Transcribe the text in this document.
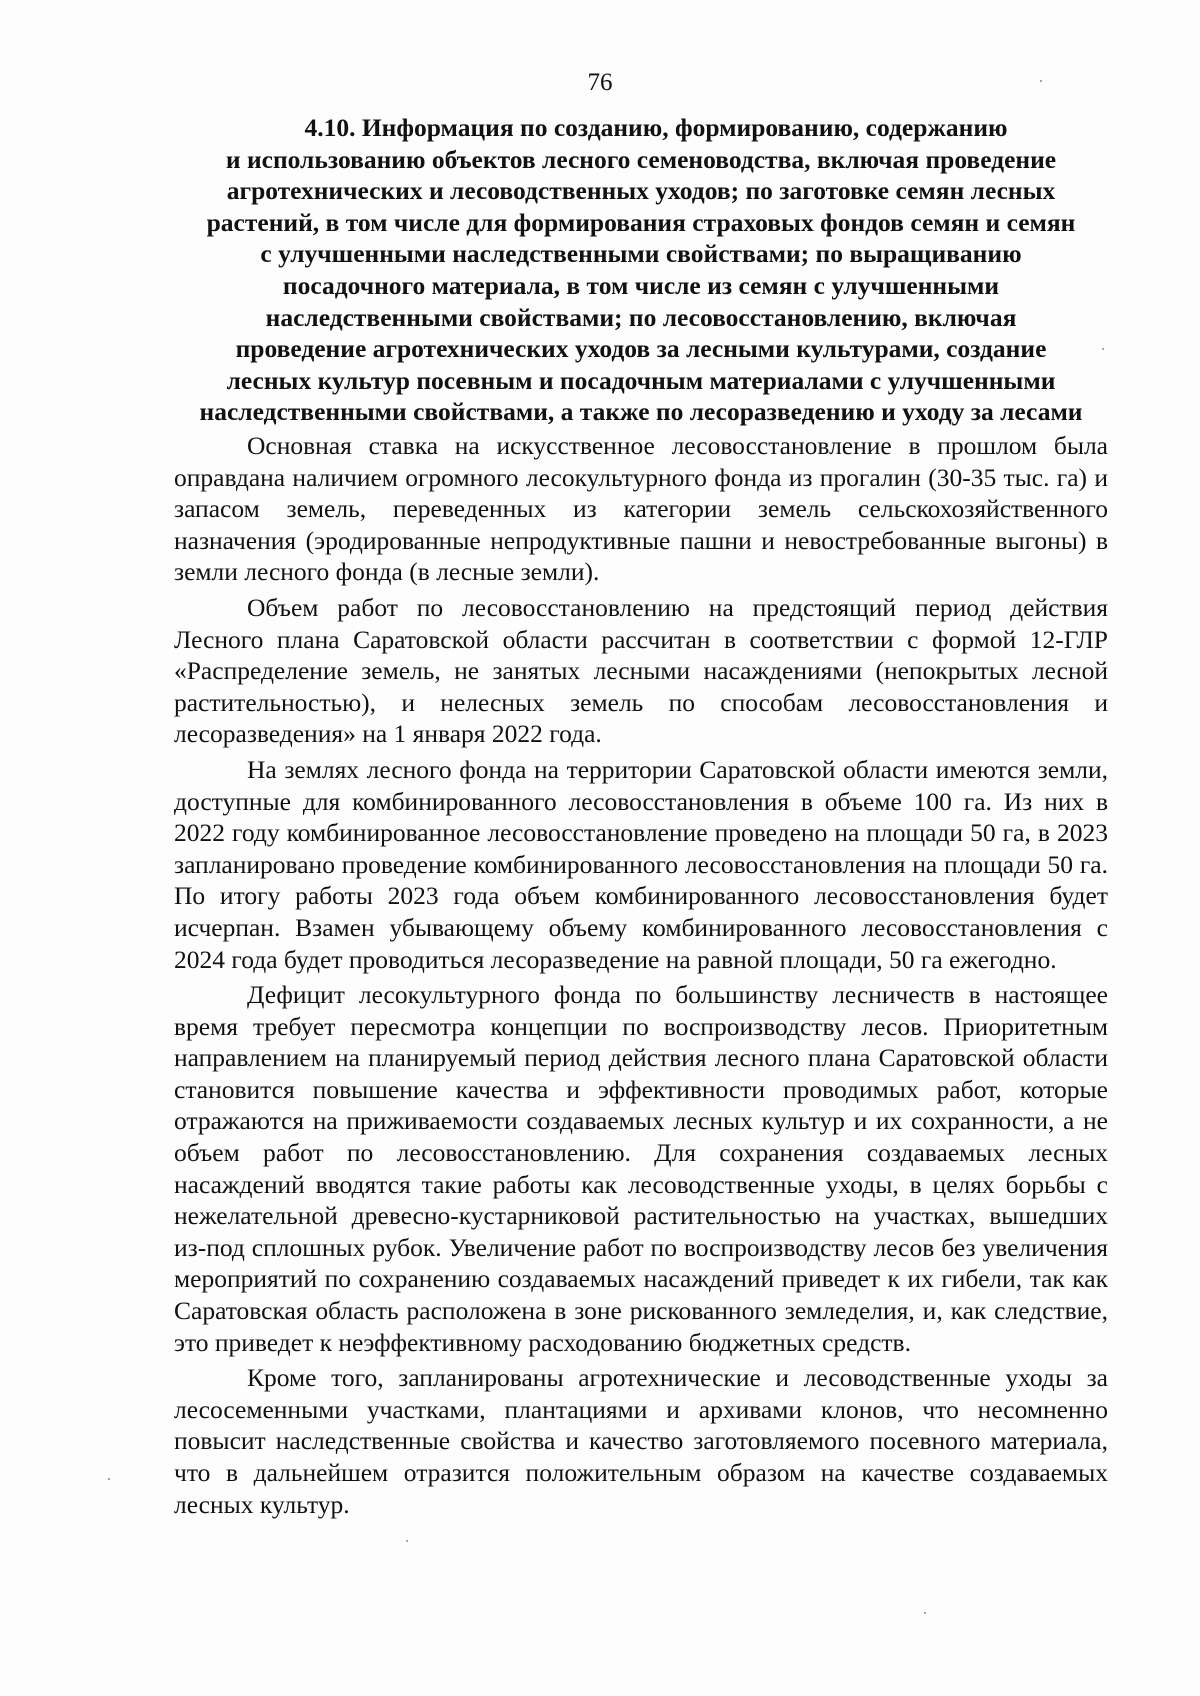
76
4.10. Информация по созданию, формированию, содержанию
и использованию объектов лесного семеноводства, включая проведение
агротехнических и лесоводственных уходов; по заготовке семян лесных
растений, в том числе для формирования страховых фондов семян и семян
с улучшенными наследственными свойствами; по выращиванию
посадочного материала, в том числе из семян с улучшенными
наследственными свойствами; по лесовосстановлению, включая
проведение агротехнических уходов за лесными культурами, создание
лесных культур посевным и посадочным материалами с улучшенными
наследственными свойствами, а также по лесоразведению и уходу за лесами

Основная ставка на искусственное лесовосстановление в прошлом была оправдана наличием огромного лесокультурного фонда из прогалин (30-35 тыс. га) и запасом земель, переведенных из категории земель сельскохозяйственного назначения (эродированные непродуктивные пашни и невостребованные выгоны) в земли лесного фонда (в лесные земли).

Объем работ по лесовосстановлению на предстоящий период действия Лесного плана Саратовской области рассчитан в соответствии с формой 12-ГЛР «Распределение земель, не занятых лесными насаждениями (непокрытых лесной растительностью), и нелесных земель по способам лесовосстановления и лесоразведения» на 1 января 2022 года.

На землях лесного фонда на территории Саратовской области имеются земли, доступные для комбинированного лесовосстановления в объеме 100 га. Из них в 2022 году комбинированное лесовосстановление проведено на площади 50 га, в 2023 запланировано проведение комбинированного лесовосстановления на площади 50 га. По итогу работы 2023 года объем комбинированного лесовосстановления будет исчерпан. Взамен убывающему объему комбинированного лесовосстановления с 2024 года будет проводиться лесоразведение на равной площади, 50 га ежегодно.

Дефицит лесокультурного фонда по большинству лесничеств в настоящее время требует пересмотра концепции по воспроизводству лесов. Приоритетным направлением на планируемый период действия лесного плана Саратовской области становится повышение качества и эффективности проводимых работ, которые отражаются на приживаемости создаваемых лесных культур и их сохранности, а не объем работ по лесовосстановлению. Для сохранения создаваемых лесных насаждений вводятся такие работы как лесоводственные уходы, в целях борьбы с нежелательной древесно-кустарниковой растительностью на участках, вышедших из-под сплошных рубок. Увеличение работ по воспроизводству лесов без увеличения мероприятий по сохранению создаваемых насаждений приведет к их гибели, так как Саратовская область расположена в зоне рискованного земледелия, и, как следствие, это приведет к неэффективному расходованию бюджетных средств.

Кроме того, запланированы агротехнические и лесоводственные уходы за лесосеменными участками, плантациями и архивами клонов, что несомненно повысит наследственные свойства и качество заготовляемого посевного материала, что в дальнейшем отразится положительным образом на качестве создаваемых лесных культур.
